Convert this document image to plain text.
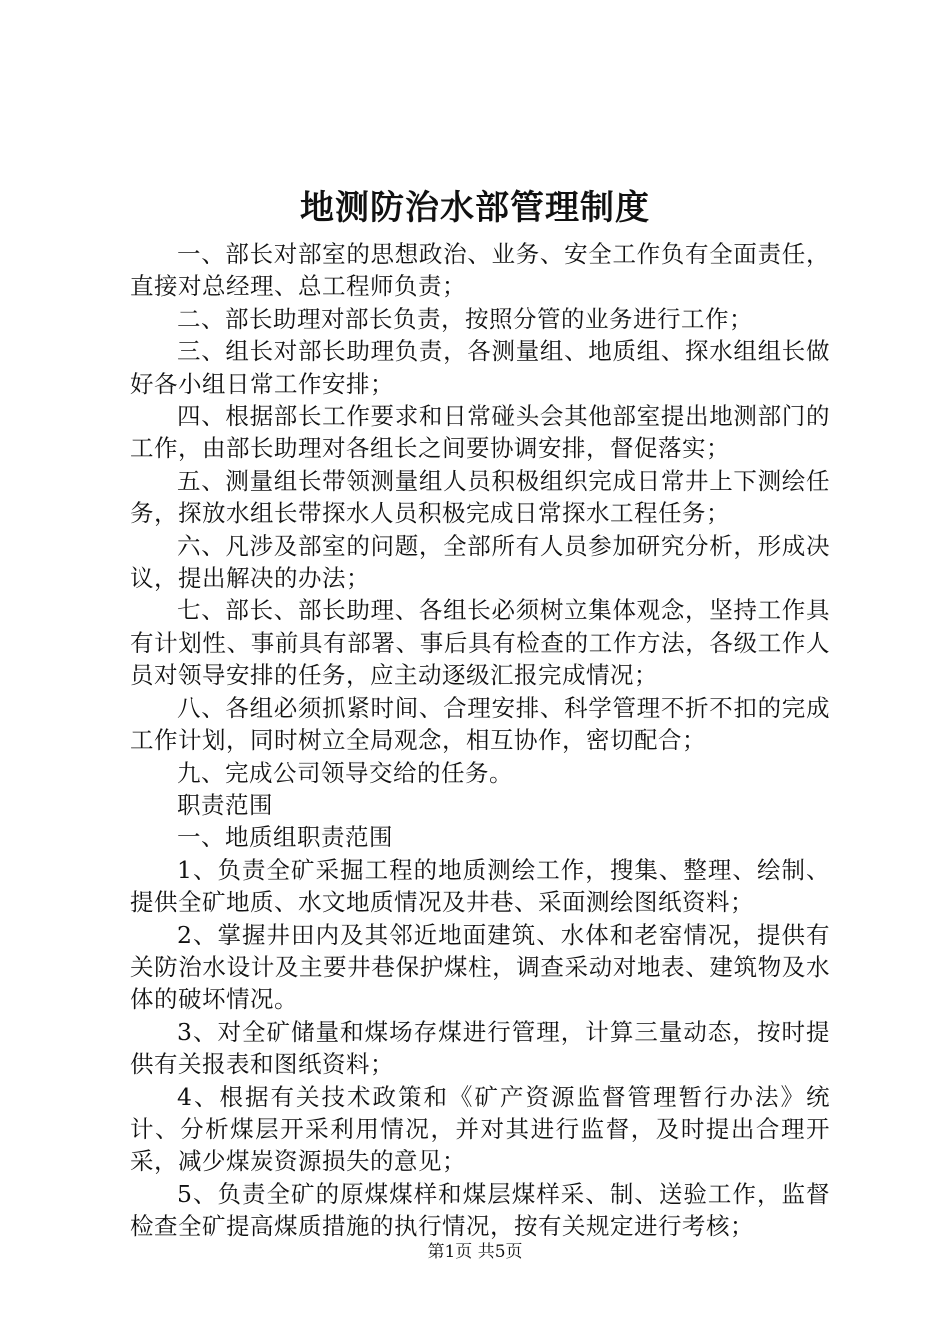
地测防治水部管理制度

一、部长对部室的思想政治、业务、安全工作负有全面责任，直接对总经理、总工程师负责；

二、部长助理对部长负责，按照分管的业务进行工作；

三、组长对部长助理负责，各测量组、地质组、探水组组长做好各小组日常工作安排；

四、根据部长工作要求和日常碰头会其他部室提出地测部门的工作，由部长助理对各组长之间要协调安排，督促落实；

五、测量组长带领测量组人员积极组织完成日常井上下测绘任务，探放水组长带探水人员积极完成日常探水工程任务；

六、凡涉及部室的问题，全部所有人员参加研究分析，形成决议，提出解决的办法；

七、部长、部长助理、各组长必须树立集体观念，坚持工作具有计划性、事前具有部署、事后具有检查的工作方法，各级工作人员对领导安排的任务，应主动逐级汇报完成情况；

八、各组必须抓紧时间、合理安排、科学管理不折不扣的完成工作计划，同时树立全局观念，相互协作，密切配合；

九、完成公司领导交给的任务。

职责范围

一、地质组职责范围

1、负责全矿采掘工程的地质测绘工作，搜集、整理、绘制、提供全矿地质、水文地质情况及井巷、采面测绘图纸资料；

2、掌握井田内及其邻近地面建筑、水体和老窑情况，提供有关防治水设计及主要井巷保护煤柱，调查采动对地表、建筑物及水体的破坏情况。

3、对全矿储量和煤场存煤进行管理，计算三量动态，按时提供有关报表和图纸资料；

4、根据有关技术政策和《矿产资源监督管理暂行办法》统计、分析煤层开采利用情况，并对其进行监督，及时提出合理开采，减少煤炭资源损失的意见；

5、负责全矿的原煤煤样和煤层煤样采、制、送验工作，监督检查全矿提高煤质措施的执行情况，按有关规定进行考核；

第1页 共5页
